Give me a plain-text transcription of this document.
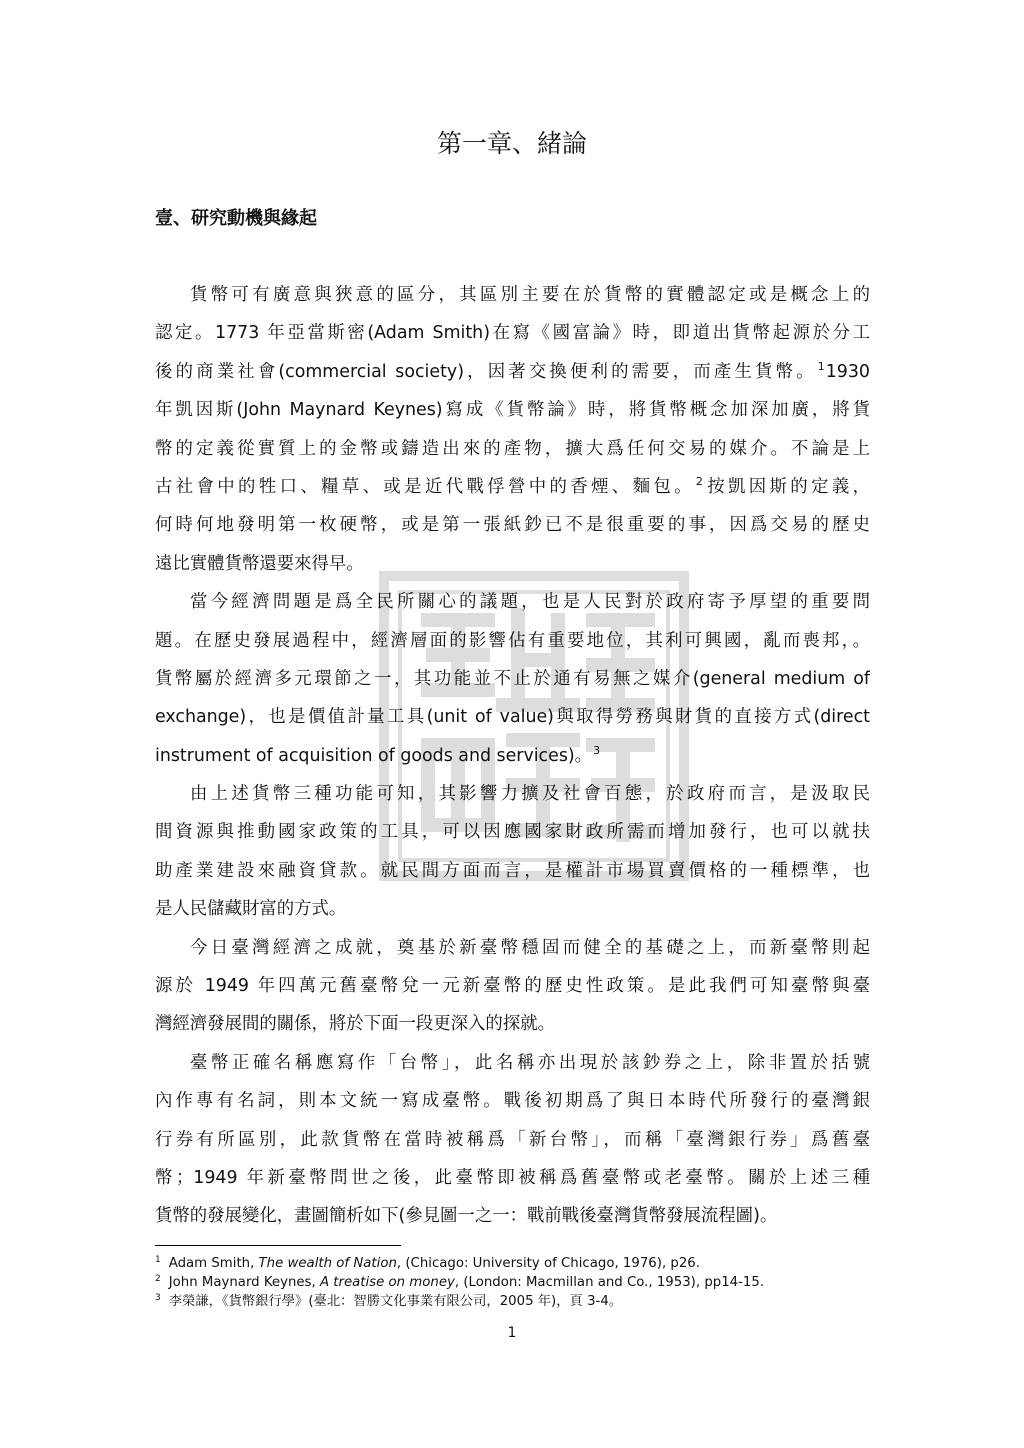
第一章、緒論
壹、研究動機與緣起
貨幣可有廣意與狹意的區分，其區別主要在於貨幣的實體認定或是概念上的
認定。1773 年亞當斯密(Adam Smith)在寫《國富論》時，即道出貨幣起源於分工
後的商業社會(commercial society)，因著交換便利的需要，而產生貨幣。$^1$1930
年凱因斯(John Maynard Keynes)寫成《貨幣論》時，將貨幣概念加深加廣，將貨
幣的定義從實質上的金幣或鑄造出來的產物，擴大爲任何交易的媒介。不論是上
古社會中的牲口、糧草、或是近代戰俘營中的香煙、麵包。$^2$按凱因斯的定義，
何時何地發明第一枚硬幣，或是第一張紙鈔已不是很重要的事，因爲交易的歷史
遠比實體貨幣還要來得早。
當今經濟問題是爲全民所關心的議題，也是人民對於政府寄予厚望的重要問
題。在歷史發展過程中，經濟層面的影響佔有重要地位，其利可興國，亂而喪邦，。
貨幣屬於經濟多元環節之一，其功能並不止於通有易無之媒介(general medium of
exchange)，也是價值計量工具(unit of value)與取得勞務與財貨的直接方式(direct
instrument of acquisition of goods and services)。$^3$
由上述貨幣三種功能可知，其影響力擴及社會百態，於政府而言，是汲取民
間資源與推動國家政策的工具，可以因應國家財政所需而增加發行，也可以就扶
助產業建設來融資貸款。就民間方面而言，是權計市場買賣價格的一種標準，也
是人民儲藏財富的方式。
今日臺灣經濟之成就，奠基於新臺幣穩固而健全的基礎之上，而新臺幣則起
源於 1949 年四萬元舊臺幣兌一元新臺幣的歷史性政策。是此我們可知臺幣與臺
灣經濟發展間的關係，將於下面一段更深入的探就。
臺幣正確名稱應寫作「台幣」，此名稱亦出現於該鈔券之上，除非置於括號
內作專有名詞，則本文統一寫成臺幣。戰後初期爲了與日本時代所發行的臺灣銀
行券有所區別，此款貨幣在當時被稱爲「新台幣」，而稱「臺灣銀行券」爲舊臺
幣；1949 年新臺幣問世之後，此臺幣即被稱爲舊臺幣或老臺幣。關於上述三種
貨幣的發展變化，畫圖簡析如下(參見圖一之一：戰前戰後臺灣貨幣發展流程圖)。
$^1$ Adam Smith, The wealth of Nation, (Chicago: University of Chicago, 1976), p26.
$^2$ John Maynard Keynes, A treatise on money, (London: Macmillan and Co., 1953), pp14-15.
$^3$ 李榮謙，《貨幣銀行學》(臺北：智勝文化事業有限公司，2005 年)，頁 3-4。
1
